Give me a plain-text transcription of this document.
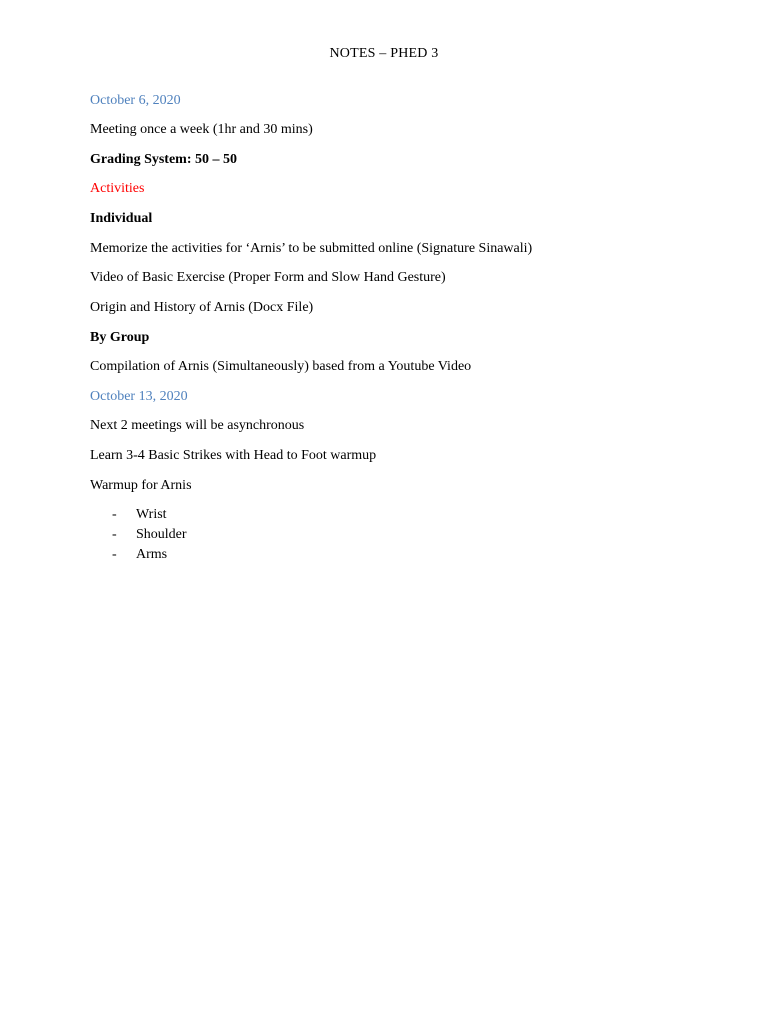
NOTES – PHED 3
October 6, 2020
Meeting once a week (1hr and 30 mins)
Grading System: 50 – 50
Activities
Individual
Memorize the activities for ‘Arnis’ to be submitted online (Signature Sinawali)
Video of Basic Exercise (Proper Form and Slow Hand Gesture)
Origin and History of Arnis (Docx File)
By Group
Compilation of Arnis (Simultaneously) based from a Youtube Video
October 13, 2020
Next 2 meetings will be asynchronous
Learn 3-4 Basic Strikes with Head to Foot warmup
Warmup for Arnis
- Wrist
- Shoulder
- Arms
